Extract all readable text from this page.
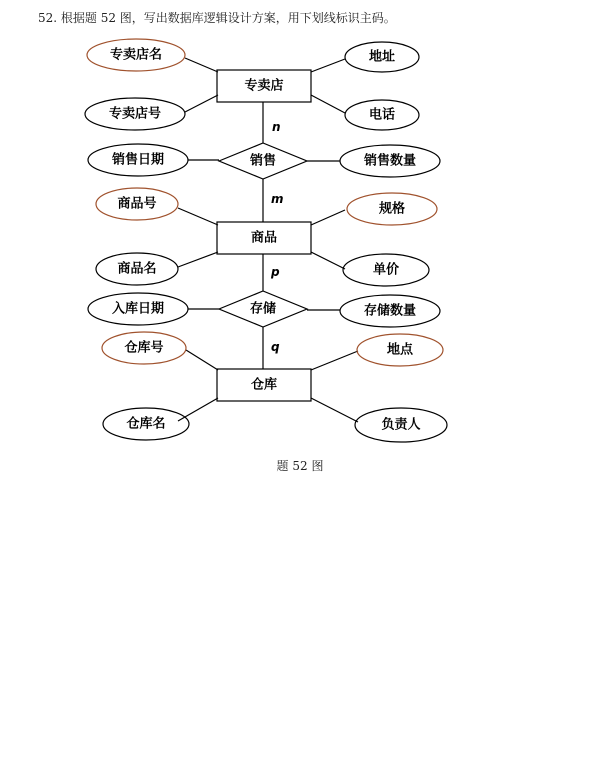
52. 根据题 52 图，写出数据库逻辑设计方案，用下划线标识主码。
专卖店
商品
仓库
销售
存储
专卖店名	地址
专卖店号	电话
销售日期	销售数量
商品号	规格
商品名	单价
入库日期	存储数量
仓库号	地点
仓库名	负责人
n
m
p
q
题 52 图
